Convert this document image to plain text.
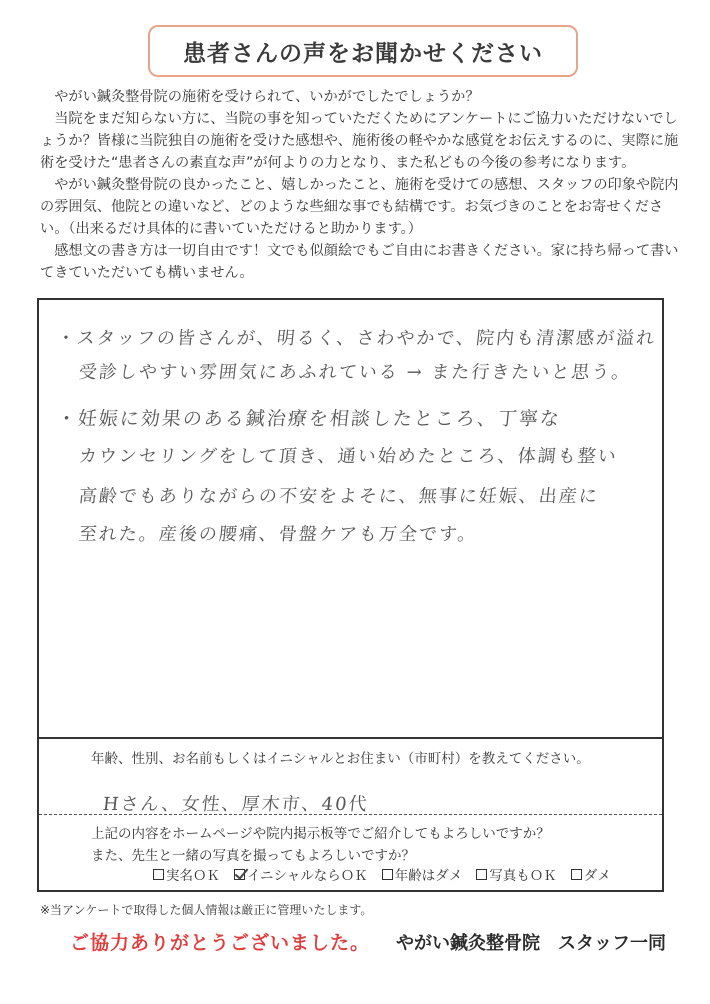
患者さんの声をお聞かせください

やがい鍼灸整骨院の施術を受けられて、いかがでしたでしょうか？

当院をまだ知らない方に、当院の事を知っていただくためにアンケートにご協力いただけないでしょうか？皆様に当院独自の施術を受けた感想や、施術後の軽やかな感覚をお伝えするのに、実際に施術を受けた“患者さんの素直な声”が何よりの力となり、また私どもの今後の参考になります。

やがい鍼灸整骨院の良かったこと、嬉しかったこと、施術を受けての感想、スタッフの印象や院内の雰囲気、他院との違いなど、どのような些細な事でも結構です。お気づきのことをお寄せください。（出来るだけ具体的に書いていただけると助かります。）

感想文の書き方は一切自由です！文でも似顔絵でもご自由にお書きください。家に持ち帰って書いてきていただいても構いません。

・スタッフの皆さんが、明るく、さわやかで、院内も清潔感が溢れ
受診しやすい雰囲気にあふれている → また行きたいと思う。
・妊娠に効果のある鍼治療を相談したところ、丁寧な
カウンセリングをして頂き、通い始めたところ、体調も整い
高齢でもありながらの不安をよそに、無事に妊娠、出産に
至れた。産後の腰痛、骨盤ケアも万全です。
年齢、性別、お名前もしくはイニシャルとお住まい（市町村）を教えてください。
Hさん、女性、厚木市、40代
上記の内容をホームページや院内掲示板等でご紹介してもよろしいですか？
また、先生と一緒の写真を撮ってもよろしいですか？
実名ＯＫ イニシャルならＯＫ 年齢はダメ 写真もＯＫ ダメ
※当アンケートで取得した個人情報は厳正に管理いたします。
ご協力ありがとうございました。 やがい鍼灸整骨院　スタッフ一同
